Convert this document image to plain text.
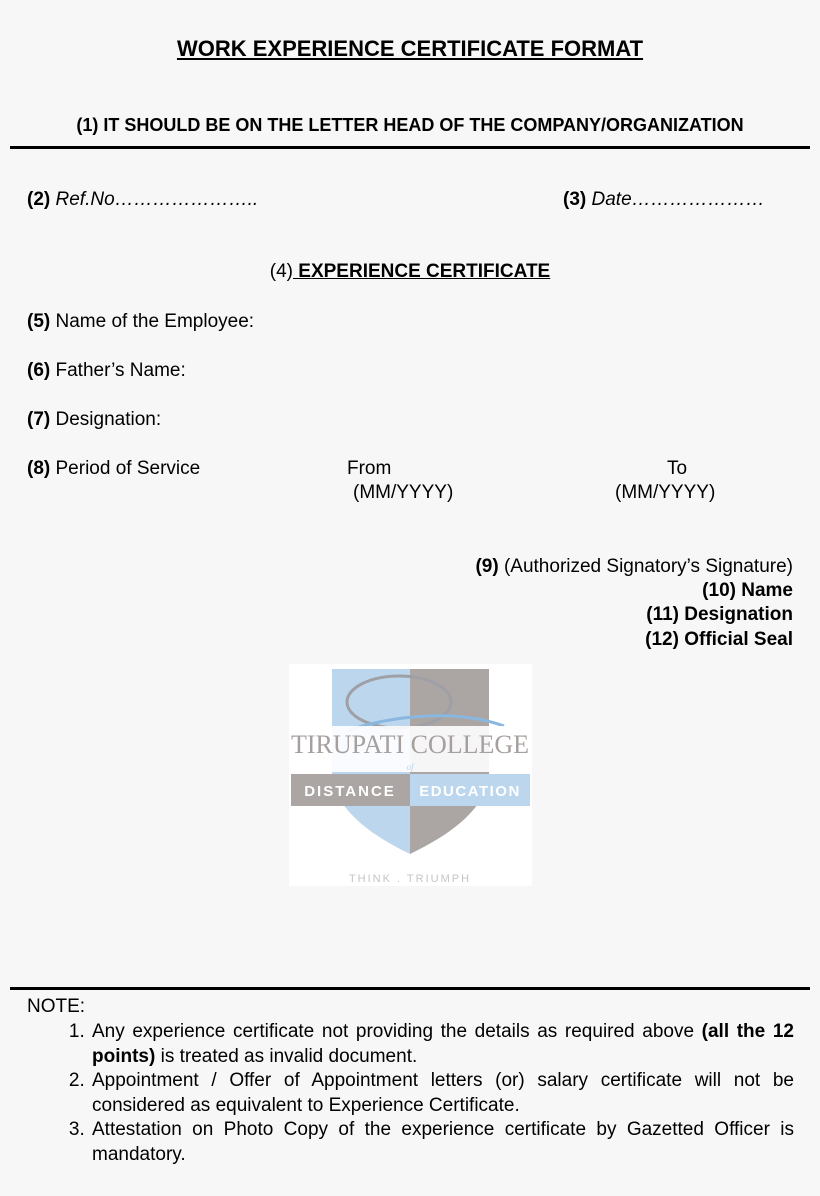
WORK EXPERIENCE CERTIFICATE FORMAT
(1) IT SHOULD BE ON THE LETTER HEAD OF THE COMPANY/ORGANIZATION
(2) Ref.No…………………..	(3) Date…………………
TIRUPATI COLLEGE
of
DISTANCE EDUCATION
THINK . TRIUMPH
(4) EXPERIENCE CERTIFICATE
(5) Name of the Employee:
(6) Father’s Name:
(7) Designation:
(8) Period of Service	From
(MM/YYYY)
To
(MM/YYYY)
(9) (Authorized Signatory’s Signature)
(10) Name
(11) Designation
(12) Official Seal
NOTE:
1. Any experience certificate not providing the details as required above (all the 12 points) is treated as invalid document.
2. Appointment / Offer of Appointment letters (or) salary certificate will not be considered as equivalent to Experience Certificate.
3. Attestation on Photo Copy of the experience certificate by Gazetted Officer is mandatory.
